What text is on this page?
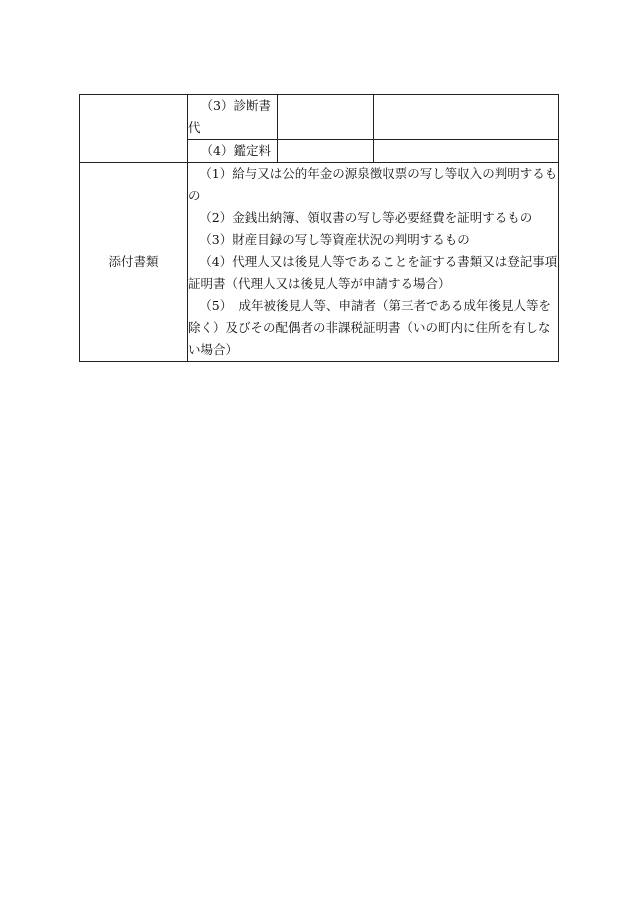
	（3）診断書代		

	（4）鑑定料		

添付書類	（1）給与又は公的年金の源泉徴収票の写し等収入の判明するもの
（2）金銭出納簿、領収書の写し等必要経費を証明するもの
（3）財産目録の写し等資産状況の判明するもの
（4）代理人又は後見人等であることを証する書類又は登記事項証明書（代理人又は後見人等が申請する場合）
（5）　成年被後見人等、申請者（第三者である成年後見人等を除く）及びその配偶者の非課税証明書（いの町内に住所を有しない場合）		
